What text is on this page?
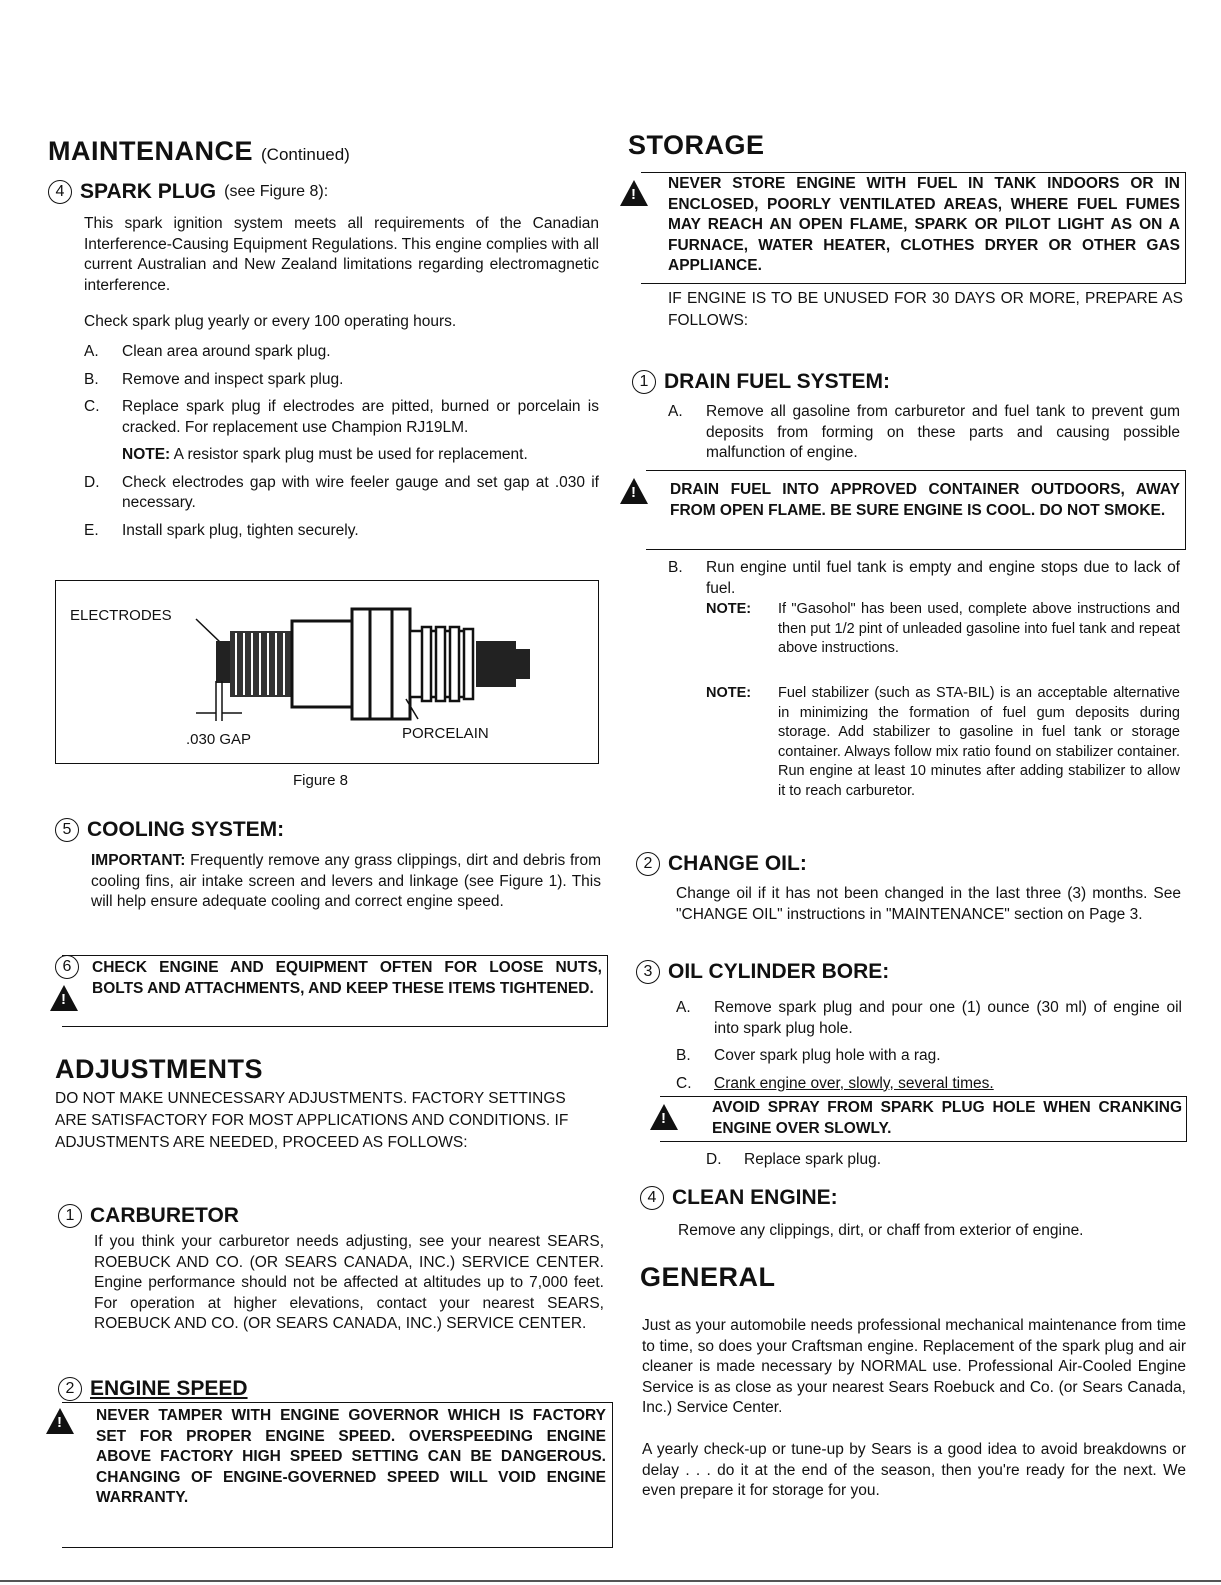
MAINTENANCE (Continued)
4 SPARK PLUG (see Figure 8):
This spark ignition system meets all requirements of the Canadian Interference-Causing Equipment Regulations. This engine complies with all current Australian and New Zealand limitations regarding electromagnetic interference.
Check spark plug yearly or every 100 operating hours.
A.	Clean area around spark plug.
B.	Remove and inspect spark plug.
C.	Replace spark plug if electrodes are pitted, burned or porcelain is cracked. For replacement use Champion RJ19LM.
NOTE: A resistor spark plug must be used for replacement.
D.	Check electrodes gap with wire feeler gauge and set gap at .030 if necessary.
E.	Install spark plug, tighten securely.
ELECTRODES
.030 GAP	PORCELAIN
Figure 8
5 COOLING SYSTEM:
IMPORTANT: Frequently remove any grass clippings, dirt and debris from cooling fins, air intake screen and levers and linkage (see Figure 1). This will help ensure adequate cooling and correct engine speed.
6
!	CHECK ENGINE AND EQUIPMENT OFTEN FOR LOOSE NUTS, BOLTS AND ATTACHMENTS, AND KEEP THESE ITEMS TIGHTENED.
ADJUSTMENTS
DO NOT MAKE UNNECESSARY ADJUSTMENTS. FACTORY SETTINGS ARE SATISFACTORY FOR MOST APPLICATIONS AND CONDITIONS. IF ADJUSTMENTS ARE NEEDED, PROCEED AS FOLLOWS:
1 CARBURETOR
If you think your carburetor needs adjusting, see your nearest SEARS, ROEBUCK AND CO. (OR SEARS CANADA, INC.) SERVICE CENTER. Engine performance should not be affected at altitudes up to 7,000 feet. For operation at higher elevations, contact your nearest SEARS, ROEBUCK AND CO. (OR SEARS CANADA, INC.) SERVICE CENTER.
2 ENGINE SPEED
!
NEVER TAMPER WITH ENGINE GOVERNOR WHICH IS FACTORY SET FOR PROPER ENGINE SPEED. OVERSPEEDING ENGINE ABOVE FACTORY HIGH SPEED SETTING CAN BE DANGEROUS. CHANGING OF ENGINE-GOVERNED SPEED WILL VOID ENGINE WARRANTY.
STORAGE
!
NEVER STORE ENGINE WITH FUEL IN TANK INDOORS OR IN ENCLOSED, POORLY VENTILATED AREAS, WHERE FUEL FUMES MAY REACH AN OPEN FLAME, SPARK OR PILOT LIGHT AS ON A FURNACE, WATER HEATER, CLOTHES DRYER OR OTHER GAS APPLIANCE.
IF ENGINE IS TO BE UNUSED FOR 30 DAYS OR MORE, PREPARE AS FOLLOWS:
1 DRAIN FUEL SYSTEM:
A.	Remove all gasoline from carburetor and fuel tank to prevent gum deposits from forming on these parts and causing possible malfunction of engine.
!
DRAIN FUEL INTO APPROVED CONTAINER OUTDOORS, AWAY FROM OPEN FLAME. BE SURE ENGINE IS COOL. DO NOT SMOKE.
B.	Run engine until fuel tank is empty and engine stops due to lack of fuel.
NOTE:	If "Gasohol" has been used, complete above instructions and then put 1/2 pint of unleaded gasoline into fuel tank and repeat above instructions.
NOTE:	Fuel stabilizer (such as STA-BIL) is an acceptable alternative in minimizing the formation of fuel gum deposits during storage. Add stabilizer to gasoline in fuel tank or storage container. Always follow mix ratio found on stabilizer container. Run engine at least 10 minutes after adding stabilizer to allow it to reach carburetor.
2 CHANGE OIL:
Change oil if it has not been changed in the last three (3) months. See "CHANGE OIL" instructions in "MAINTENANCE" section on Page 3.
3 OIL CYLINDER BORE:
A.	Remove spark plug and pour one (1) ounce (30 ml) of engine oil into spark plug hole.
B.	Cover spark plug hole with a rag.
C.	Crank engine over, slowly, several times.
!
AVOID SPRAY FROM SPARK PLUG HOLE WHEN CRANKING ENGINE OVER SLOWLY.
D.	Replace spark plug.
4 CLEAN ENGINE:
Remove any clippings, dirt, or chaff from exterior of engine.
GENERAL
Just as your automobile needs professional mechanical maintenance from time to time, so does your Craftsman engine. Replacement of the spark plug and air cleaner is made necessary by NORMAL use. Professional Air-Cooled Engine Service is as close as your nearest Sears Roebuck and Co. (or Sears Canada, Inc.) Service Center.
A yearly check-up or tune-up by Sears is a good idea to avoid breakdowns or delay . . . do it at the end of the season, then you're ready for the next. We even prepare it for storage for you.
